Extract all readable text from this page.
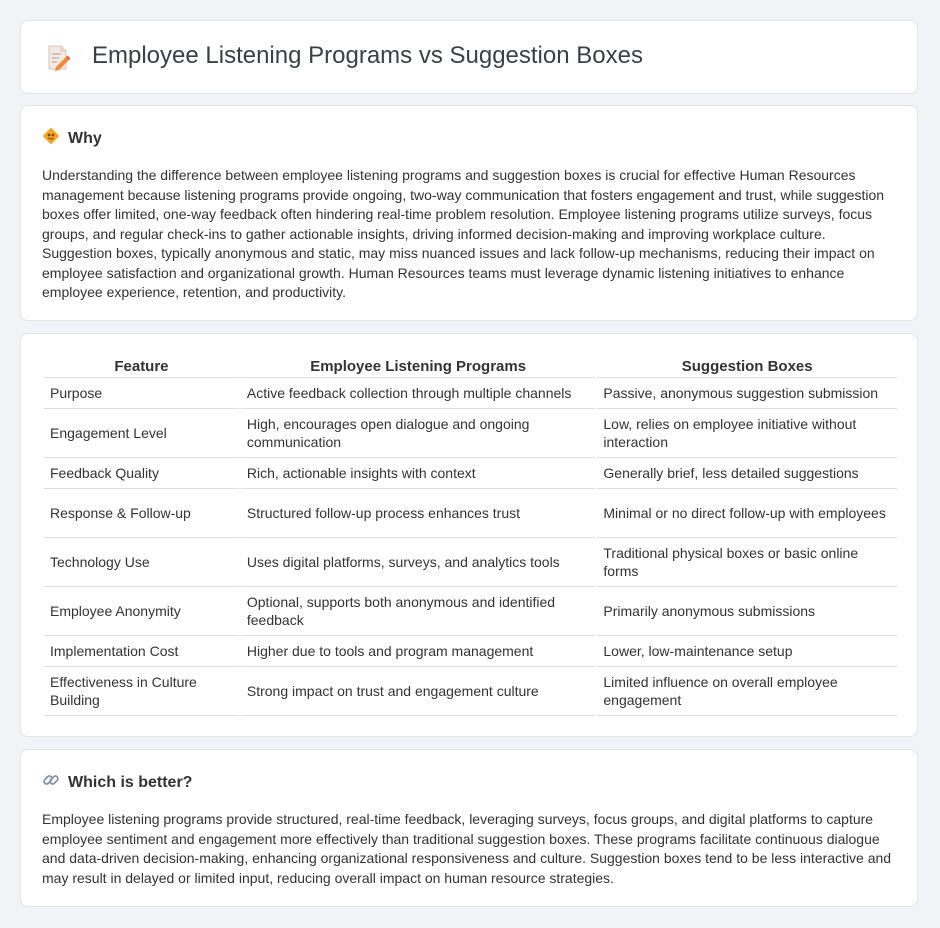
Employee Listening Programs vs Suggestion Boxes
Why

Understanding the difference between employee listening programs and suggestion boxes is crucial for effective Human Resources management because listening programs provide ongoing, two-way communication that fosters engagement and trust, while suggestion boxes offer limited, one-way feedback often hindering real-time problem resolution. Employee listening programs utilize surveys, focus groups, and regular check-ins to gather actionable insights, driving informed decision-making and improving workplace culture. Suggestion boxes, typically anonymous and static, may miss nuanced issues and lack follow-up mechanisms, reducing their impact on employee satisfaction and organizational growth. Human Resources teams must leverage dynamic listening initiatives to enhance employee experience, retention, and productivity.

Feature	Employee Listening Programs	Suggestion Boxes
Purpose	Active feedback collection through multiple channels	Passive, anonymous suggestion submission
Engagement Level	High, encourages open dialogue and ongoing communication	Low, relies on employee initiative without interaction
Feedback Quality	Rich, actionable insights with context	Generally brief, less detailed suggestions
Response & Follow-up	Structured follow-up process enhances trust	Minimal or no direct follow-up with employees
Technology Use	Uses digital platforms, surveys, and analytics tools	Traditional physical boxes or basic online forms
Employee Anonymity	Optional, supports both anonymous and identified feedback	Primarily anonymous submissions
Implementation Cost	Higher due to tools and program management	Lower, low-maintenance setup
Effectiveness in Culture Building	Strong impact on trust and engagement culture	Limited influence on overall employee engagement
Which is better?

Employee listening programs provide structured, real-time feedback, leveraging surveys, focus groups, and digital platforms to capture employee sentiment and engagement more effectively than traditional suggestion boxes. These programs facilitate continuous dialogue and data-driven decision-making, enhancing organizational responsiveness and culture. Suggestion boxes tend to be less interactive and may result in delayed or limited input, reducing overall impact on human resource strategies.
